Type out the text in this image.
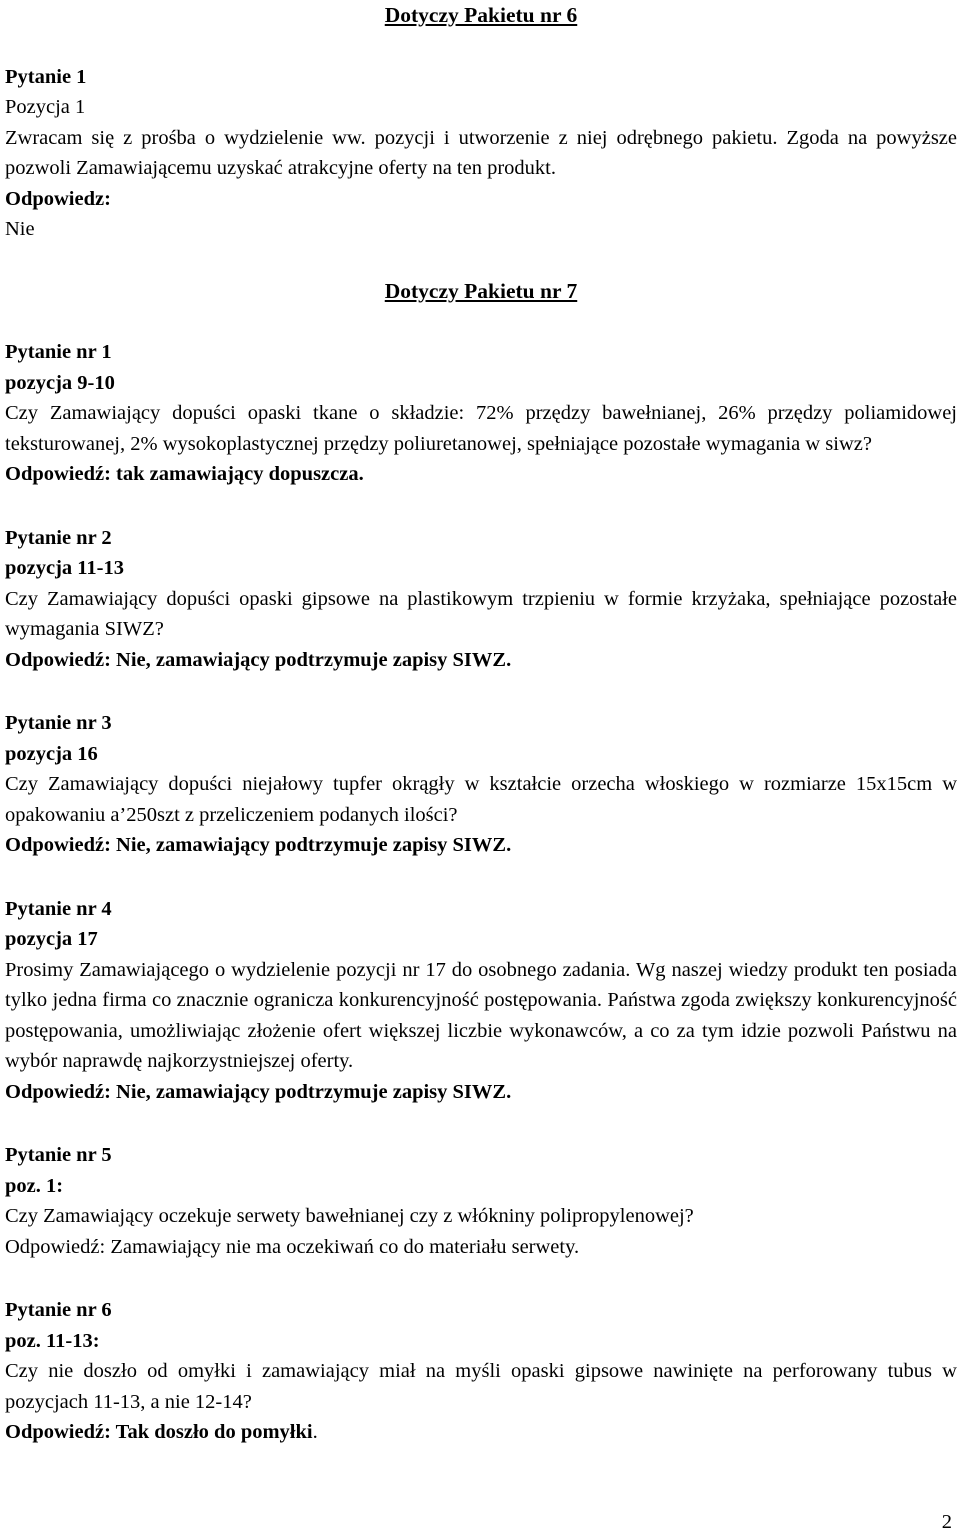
Dotyczy Pakietu nr 6
Pytanie 1
Pozycja 1
Zwracam się z prośba o wydzielenie ww. pozycji i utworzenie z niej odrębnego pakietu. Zgoda na powyższe pozwoli Zamawiającemu uzyskać atrakcyjne oferty na ten produkt.
Odpowiedz:
Nie
Dotyczy Pakietu nr 7
Pytanie nr 1
pozycja 9-10
Czy Zamawiający dopuści opaski tkane o składzie: 72% przędzy bawełnianej, 26% przędzy poliamidowej teksturowanej, 2% wysokoplastycznej przędzy poliuretanowej, spełniające pozostałe wymagania w siwz?
Odpowiedź: tak zamawiający dopuszcza.
Pytanie nr 2
pozycja 11-13
Czy Zamawiający dopuści opaski gipsowe na plastikowym trzpieniu w formie krzyżaka, spełniające pozostałe wymagania SIWZ?
Odpowiedź: Nie, zamawiający podtrzymuje zapisy SIWZ.
Pytanie nr 3
pozycja 16
Czy Zamawiający dopuści niejałowy tupfer okrągły w kształcie orzecha włoskiego w rozmiarze 15x15cm w opakowaniu a’250szt z przeliczeniem podanych ilości?
Odpowiedź: Nie, zamawiający podtrzymuje zapisy SIWZ.
Pytanie nr 4
pozycja 17
Prosimy Zamawiającego o wydzielenie pozycji nr 17 do osobnego zadania. Wg naszej wiedzy produkt ten posiada tylko jedna firma co znacznie ogranicza konkurencyjność postępowania. Państwa zgoda zwiększy konkurencyjność postępowania, umożliwiając złożenie ofert większej liczbie wykonawców, a co za tym idzie pozwoli Państwu na wybór naprawdę najkorzystniejszej oferty.
Odpowiedź: Nie, zamawiający podtrzymuje zapisy SIWZ.
Pytanie nr 5
poz. 1:
Czy Zamawiający oczekuje serwety bawełnianej czy z włókniny polipropylenowej?
Odpowiedź: Zamawiający nie ma oczekiwań co do materiału serwety.
Pytanie nr 6
poz. 11-13:
Czy nie doszło od omyłki i zamawiający miał na myśli opaski gipsowe nawinięte na perforowany tubus w pozycjach 11-13, a nie 12-14?
Odpowiedź: Tak doszło do pomyłki.
2
